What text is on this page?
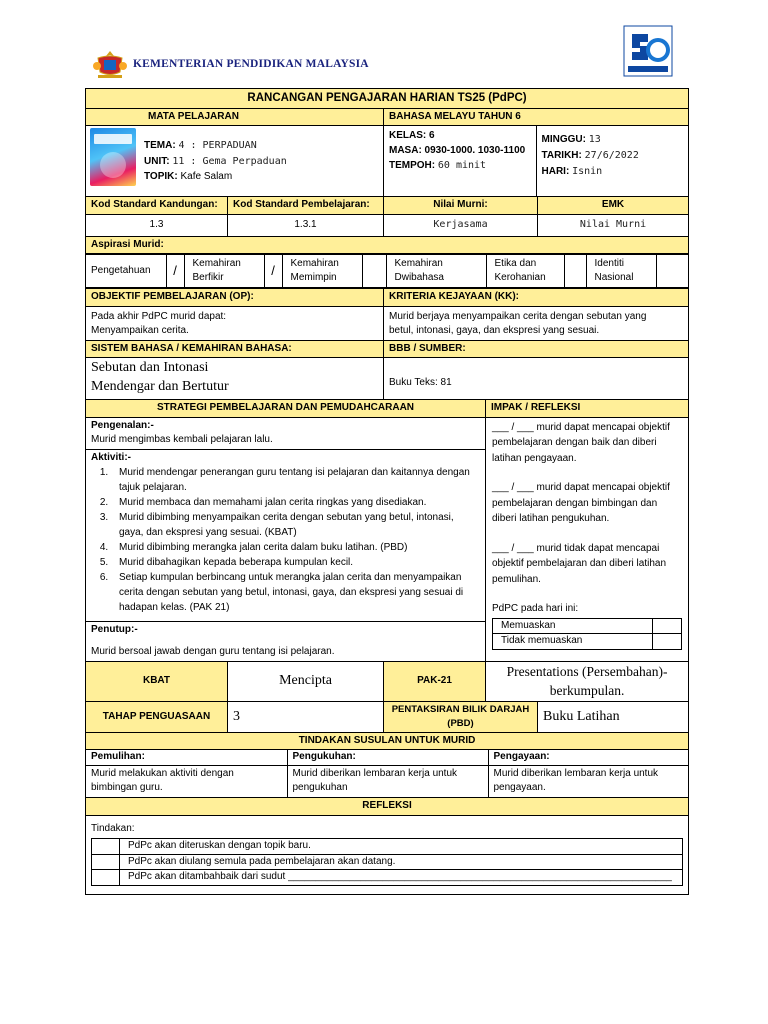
KEMENTERIAN PENDIDIKAN MALAYSIA
RANCANGAN PENGAJARAN HARIAN TS25 (PdPC)
MATA PELAJARAN	BAHASA MELAYU TAHUN 6

TEMA: 4 : PERPADUAN
UNIT: 11 : Gema Perpaduan
TOPIK: Kafe Salam

KELAS: 6
MASA: 0930-1000. 1030-1100
TEMPOH: 60 minit

MINGGU: 13
TARIKH: 27/6/2022
HARI: Isnin

Kod Standard Kandungan:	Kod Standard Pembelajaran:	Nilai Murni:	EMK
1.3	1.3.1	Kerjasama	Nilai Murni
Aspirasi Murid:

Pengetahuan	/	Kemahiran Berfikir	/	Kemahiran Memimpin		Kemahiran Dwibahasa	Etika dan Kerohanian		Identiti Nasional	

OBJEKTIF PEMBELAJARAN (OP):	KRITERIA KEJAYAAN (KK):

Pada akhir PdPC murid dapat:
Menyampaikan cerita.

Murid berjaya menyampaikan cerita dengan sebutan yang
betul, intonasi, gaya, dan ekspresi yang sesuai.

SISTEM BAHASA / KEMAHIRAN BAHASA:	BBB / SUMBER:

Sebutan dan Intonasi
Mendengar dan Bertutur	Buku Teks: 81
STRATEGI PEMBELAJARAN DAN PEMUDAHCARAAN	IMPAK / REFLEKSI

Pengenalan:-
Murid mengimbas kembali pelajaran lalu.
Aktiviti:-
1. Murid mendengar penerangan guru tentang isi pelajaran dan kaitannya dengan tajuk pelajaran.
2. Murid membaca dan memahami jalan cerita ringkas yang disediakan.
3. Murid dibimbing menyampaikan cerita dengan sebutan yang betul, intonasi, gaya, dan ekspresi yang sesuai. (KBAT)
4. Murid dibimbing merangka jalan cerita dalam buku latihan. (PBD)
5. Murid dibahagikan kepada beberapa kumpulan kecil.
6. Setiap kumpulan berbincang untuk merangka jalan cerita dan menyampaikan cerita dengan sebutan yang betul, intonasi, gaya, dan ekspresi yang sesuai di hadapan kelas. (PAK 21)
Penutup:-
Murid bersoal jawab dengan guru tentang isi pelajaran.

___ / ___ murid dapat mencapai objektif pembelajaran dengan baik dan diberi latihan pengayaan.
___ / ___ murid dapat mencapai objektif pembelajaran dengan bimbingan dan diberi latihan pengukuhan.
___ / ___ murid tidak dapat mencapai objektif pembelajaran dan diberi latihan pemulihan.
PdPC pada hari ini:
Memuaskan	
Tidak memuaskan	

KBAT	Mencipta	PAK-21	Presentations (Persembahan)- berkumpulan.
TAHAP PENGUASAAN	3	PENTAKSIRAN BILIK DARJAH (PBD)	Buku Latihan
TINDAKAN SUSULAN UNTUK MURID

Pemulihan:	Pengukuhan:	Pengayaan:
Murid melakukan aktiviti dengan bimbingan guru.	Murid diberikan lembaran kerja untuk pengukuhan	Murid diberikan lembaran kerja untuk pengayaan.

REFLEKSI

Tindakan:
	PdPc akan diteruskan dengan topik baru.
	PdPc akan diulang semula pada pembelajaran akan datang.
	PdPc akan ditambahbaik dari sudut _____________________________________________________________________
